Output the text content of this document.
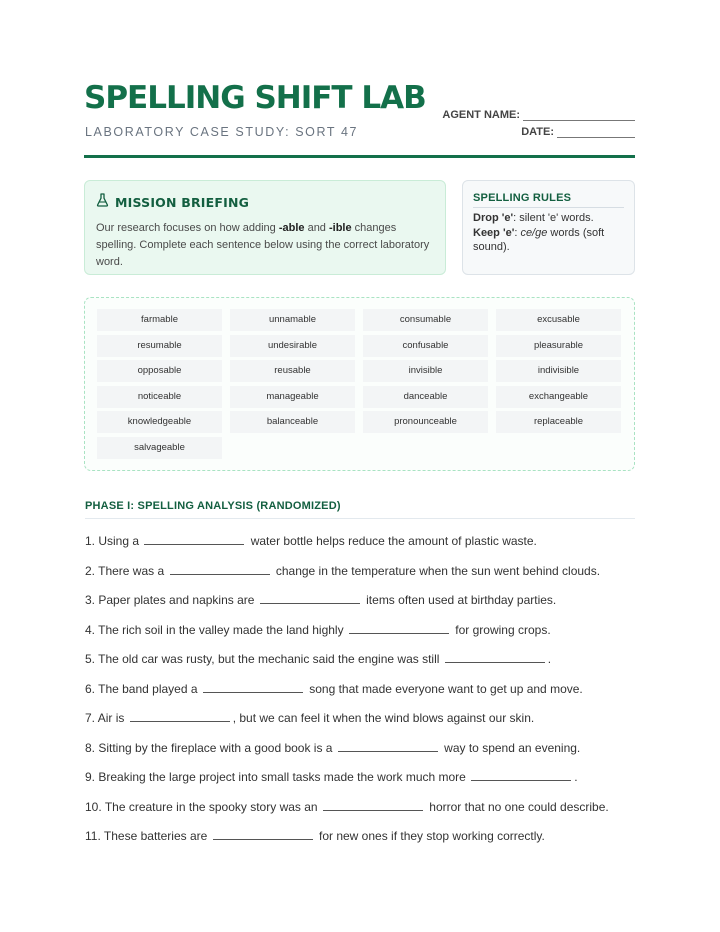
SPELLING SHIFT LAB
LABORATORY CASE STUDY: SORT 47
AGENT NAME:
DATE:
MISSION BRIEFING
Our research focuses on how adding -able and -ible changes spelling. Complete each sentence below using the correct laboratory word.
SPELLING RULES
Drop 'e': silent 'e' words.
Keep 'e': ce/ge words (soft sound).
farmable	unnamable	consumable	excusable
resumable	undesirable	confusable	pleasurable
opposable	reusable	invisible	indivisible
noticeable	manageable	danceable	exchangeable
knowledgeable	balanceable	pronounceable	replaceable
salvageable
PHASE I: SPELLING ANALYSIS (RANDOMIZED)
1. Using a	water bottle helps reduce the amount of plastic waste.
2. There was a	change in the temperature when the sun went behind clouds.
3. Paper plates and napkins are	items often used at birthday parties.
4. The rich soil in the valley made the land highly	for growing crops.
5. The old car was rusty, but the mechanic said the engine was still	.
6. The band played a	song that made everyone want to get up and move.
7. Air is	, but we can feel it when the wind blows against our skin.
8. Sitting by the fireplace with a good book is a	way to spend an evening.
9. Breaking the large project into small tasks made the work much more	.
10. The creature in the spooky story was an	horror that no one could describe.
11. These batteries are	for new ones if they stop working correctly.
